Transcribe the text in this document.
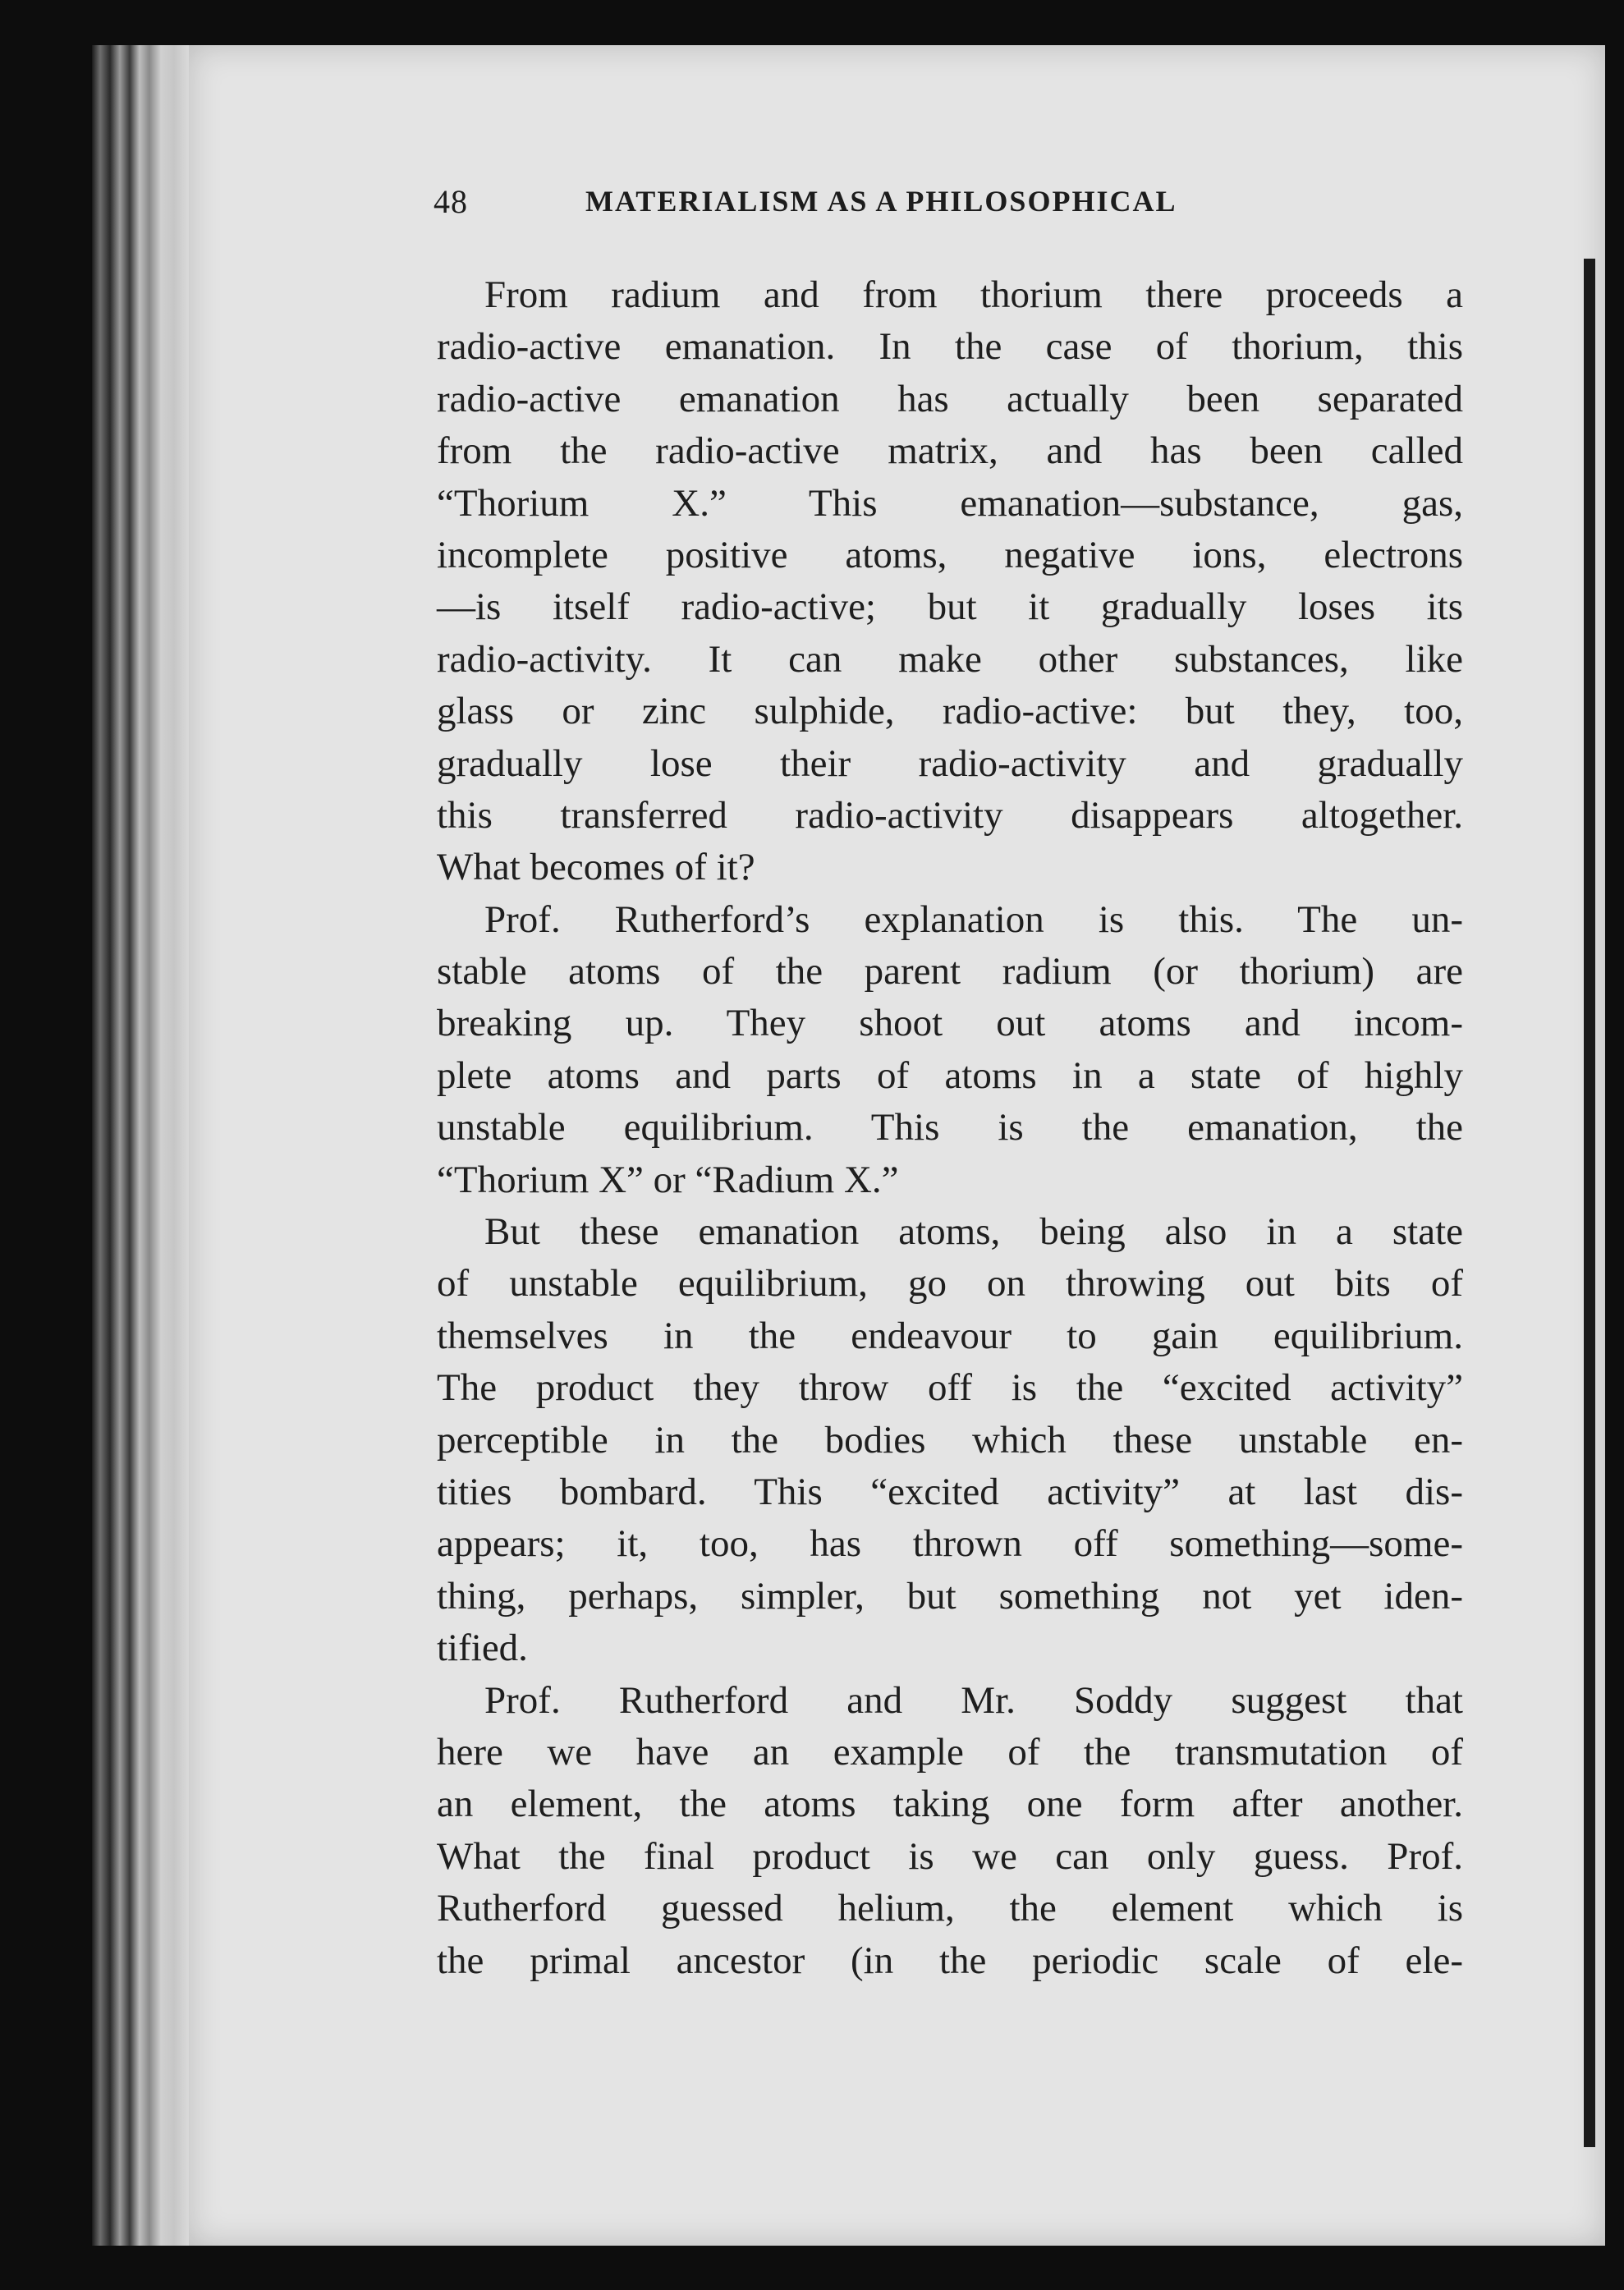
48	MATERIALISM AS A PHILOSOPHICAL
From radium and from thorium there proceeds a
radio-active emanation. In the case of thorium, this
radio-active emanation has actually been separated
from the radio-active matrix, and has been called
“Thorium X.” This emanation—substance, gas,
incomplete positive atoms, negative ions, electrons
—is itself radio-active; but it gradually loses its
radio-activity. It can make other substances, like
glass or zinc sulphide, radio-active: but they, too,
gradually lose their radio-activity and gradually
this transferred radio-activity disappears altogether.
What becomes of it?
Prof. Rutherford’s explanation is this. The un-
stable atoms of the parent radium (or thorium) are
breaking up. They shoot out atoms and incom-
plete atoms and parts of atoms in a state of highly
unstable equilibrium. This is the emanation, the
“Thorium X” or “Radium X.”
But these emanation atoms, being also in a state
of unstable equilibrium, go on throwing out bits of
themselves in the endeavour to gain equilibrium.
The product they throw off is the “excited activity”
perceptible in the bodies which these unstable en-
tities bombard. This “excited activity” at last dis-
appears; it, too, has thrown off something—some-
thing, perhaps, simpler, but something not yet iden-
tified.
Prof. Rutherford and Mr. Soddy suggest that
here we have an example of the transmutation of
an element, the atoms taking one form after another.
What the final product is we can only guess. Prof.
Rutherford guessed helium, the element which is
the primal ancestor (in the periodic scale of ele-
